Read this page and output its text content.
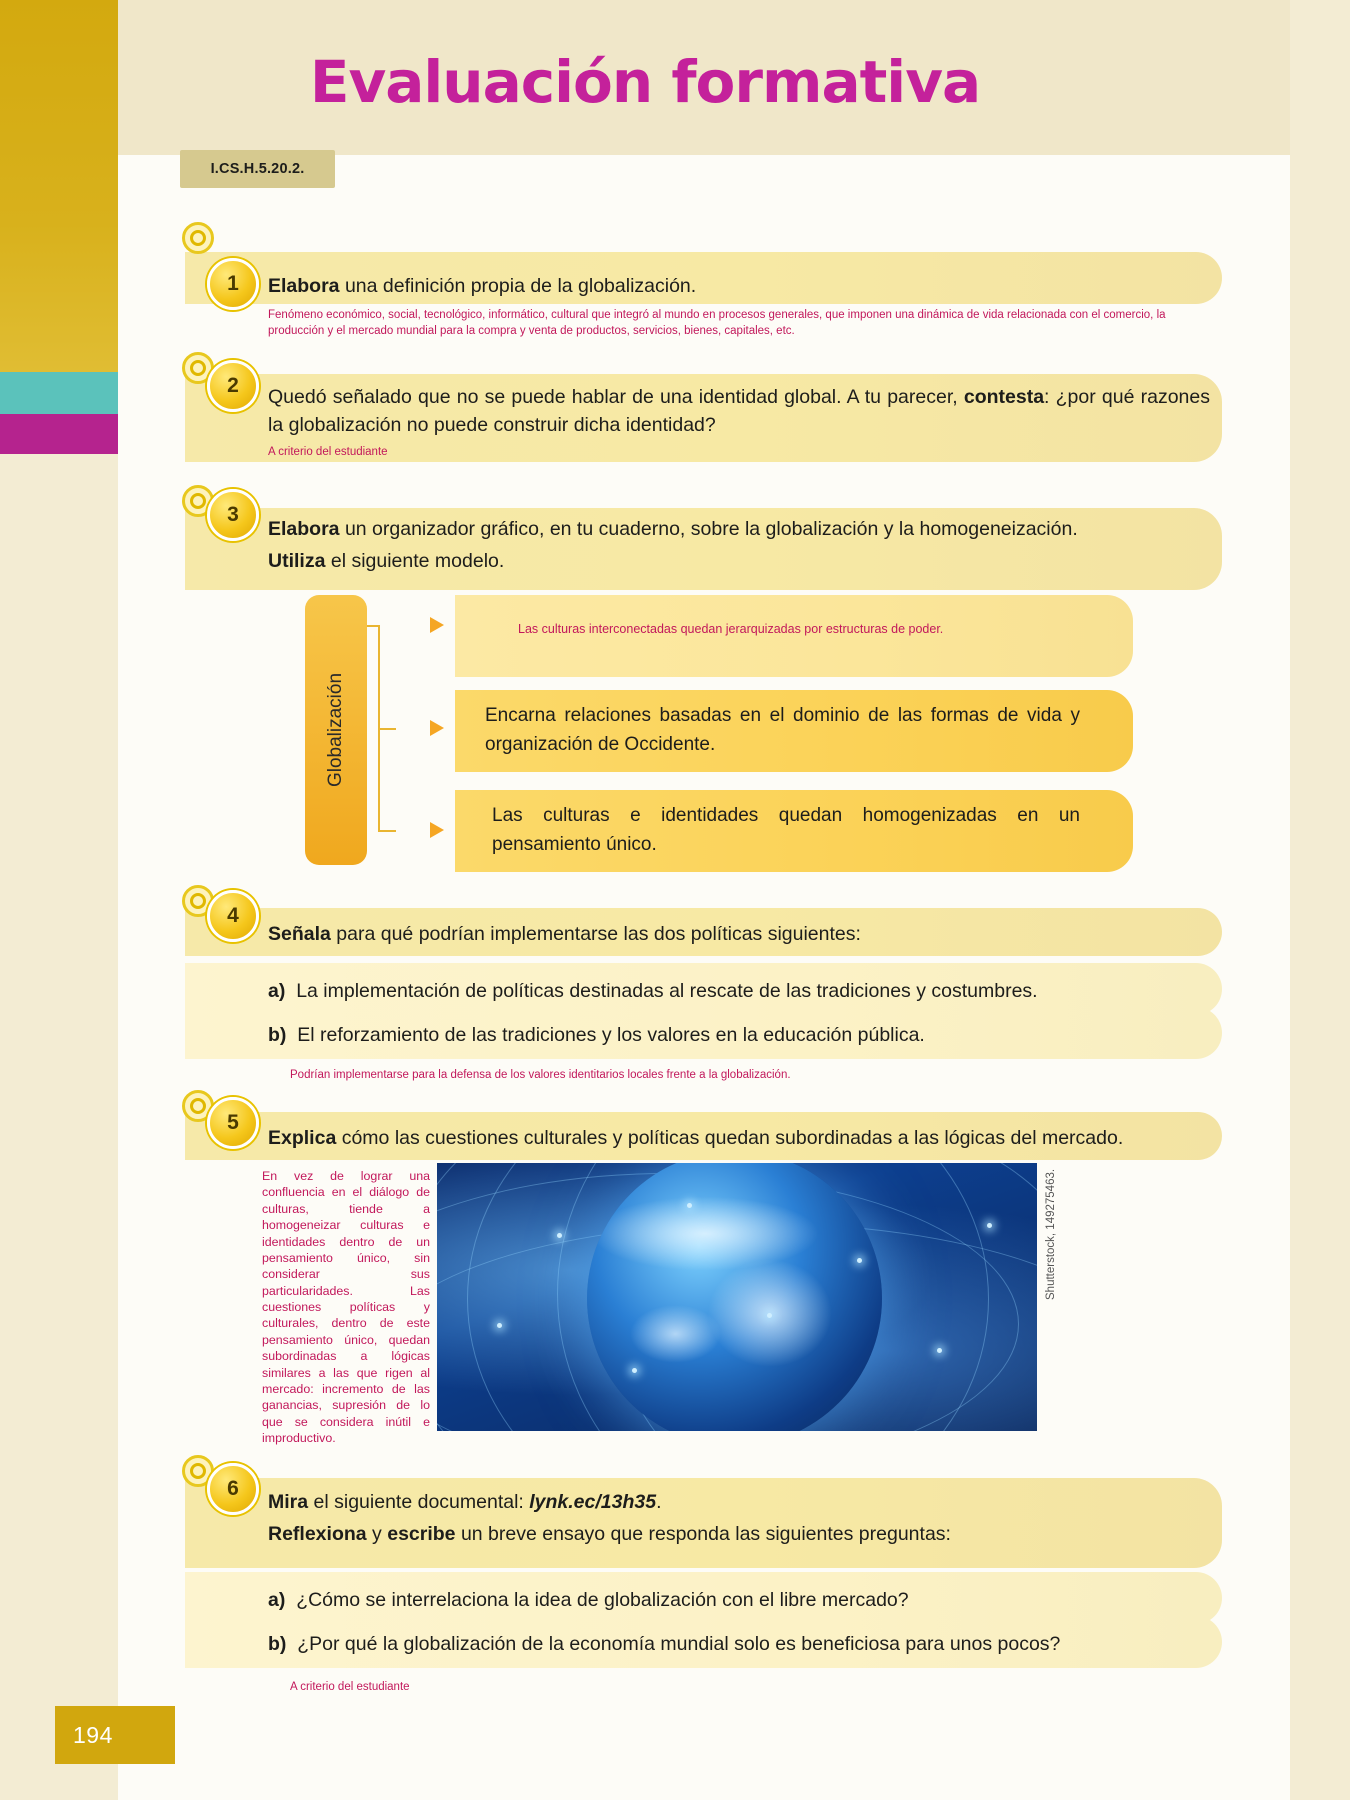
Evaluación formativa
I.CS.H.5.20.2.
1	Elabora una definición propia de la globalización.
Fenómeno económico, social, tecnológico, informático, cultural que integró al mundo en procesos generales, que imponen una dinámica de vida relacionada con el comercio, la producción y el mercado mundial para la compra y venta de productos, servicios, bienes, capitales, etc.
2	Quedó señalado que no se puede hablar de una identidad global. A tu parecer, contesta: ¿por qué razones la globalización no puede construir dicha identidad?
A criterio del estudiante
3
Elabora un organizador gráfico, en tu cuaderno, sobre la globalización y la homogeneización.
Utiliza el siguiente modelo.
Globalización
Las culturas interconectadas quedan jerarquizadas por estructuras de poder.
Encarna relaciones basadas en el dominio de las formas de vida y organización de Occidente.
Las culturas e identidades quedan homogenizadas en un pensamiento único.
4
Señala para qué podrían implementarse las dos políticas siguientes:
a) La implementación de políticas destinadas al rescate de las tradiciones y costumbres.
b) El reforzamiento de las tradiciones y los valores en la educación pública.
Podrían implementarse para la defensa de los valores identitarios locales frente a la globalización.
5
Explica cómo las cuestiones culturales y políticas quedan subordinadas a las lógicas del mercado.
En vez de lograr una confluencia en el diálogo de culturas, tiende a homogeneizar culturas e identidades dentro de un pensamiento único, sin considerar sus particularidades. Las cuestiones políticas y culturales, dentro de este pensamiento único, quedan subordinadas a lógicas similares a las que rigen al mercado: incremento de las ganancias, supresión de lo que se considera inútil e improductivo.
Shutterstock, 149275463.
6
Mira el siguiente documental: lynk.ec/13h35.
Reflexiona y escribe un breve ensayo que responda las siguientes preguntas:
a) ¿Cómo se interrelaciona la idea de globalización con el libre mercado?
b) ¿Por qué la globalización de la economía mundial solo es beneficiosa para unos pocos?
A criterio del estudiante
194
